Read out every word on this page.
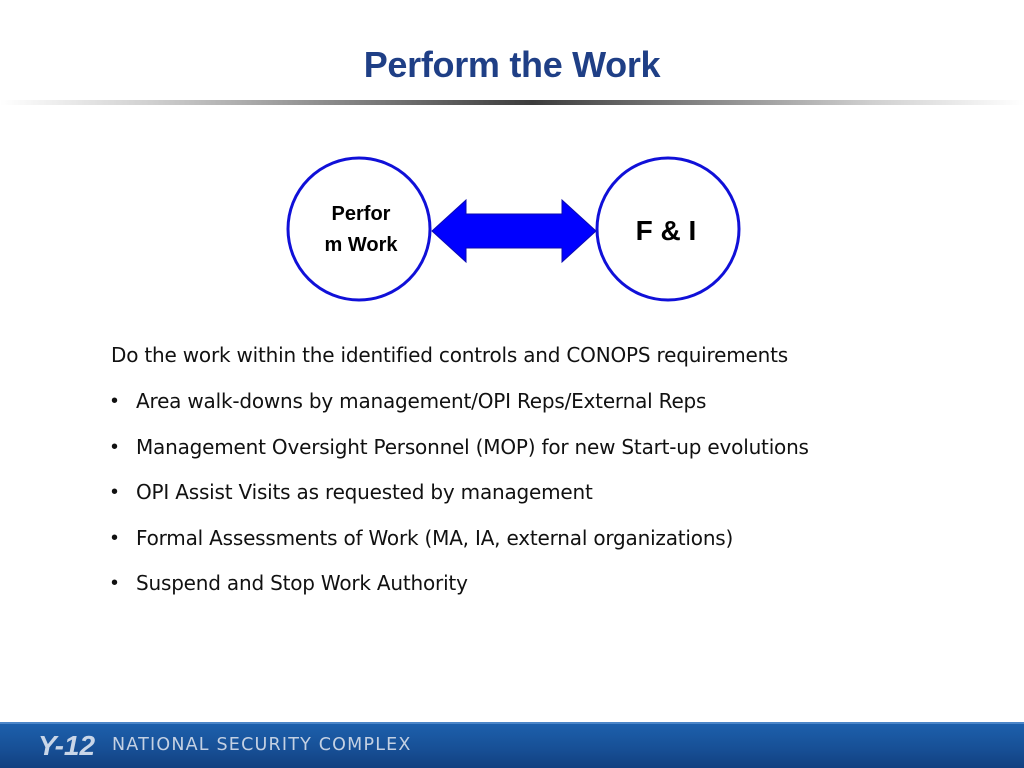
Perform the Work
Perfor
m Work	F & I

Do the work within the identified controls and CONOPS requirements

• Area walk-downs by management/OPI Reps/External Reps
• Management Oversight Personnel (MOP) for new Start-up evolutions
• OPI Assist Visits as requested by management
• Formal Assessments of Work (MA, IA, external organizations)
• Suspend and Stop Work Authority
Y-12 NATIONAL SECURITY COMPLEX
